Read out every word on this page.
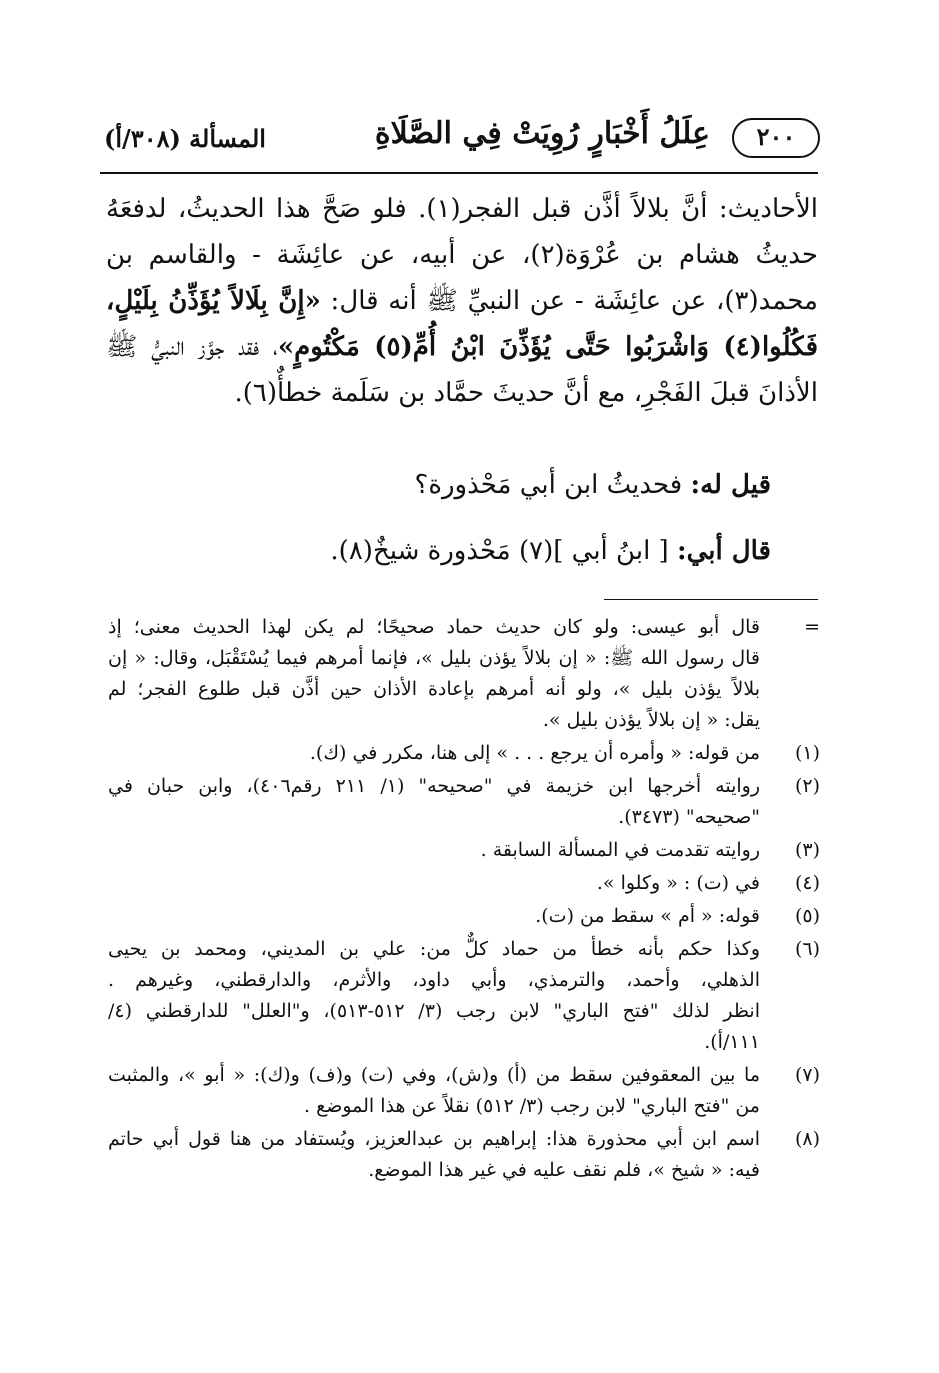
٢٠٠
عِلَلُ أَخْبَارٍ رُوِيَتْ فِي الصَّلَاةِ
المسألة (٣٠٨/أ)
الأحاديث: أنَّ بلالاً أذَّن قبل الفجر(١). فلو صَحَّ هذا الحديثُ، لدفعَهُ
حديثُ هشام بن عُرْوَة(٢)، عن أبيه، عن عائِشَة - والقاسم بن
محمد(٣)، عن عائِشَة - عن النبيِّ ﷺ أنه قال: «إِنَّ بِلَالاً يُؤَذِّنُ بِلَيْلٍ،
فَكُلُوا(٤) وَاشْرَبُوا حَتَّى يُؤَذِّنَ ابْنُ أُمِّ(٥) مَكْتُومٍ»، فقد جوَّز النبيُّ ﷺ
الأذانَ قبلَ الفَجْرِ، مع أنَّ حديثَ حمَّاد بن سَلَمة خطأٌ(٦).
قيل له: فحديثُ ابن أبي مَحْذورة؟
قال أبي: [ ابنُ أبي ](٧) مَحْذورة شيخٌ(٨).
=
قال أبو عيسى: ولو كان حديث حماد صحيحًا؛ لم يكن لهذا الحديث معنى؛ إذ
قال رسول الله ﷺ: « إن بلالاً يؤذن بليل »، فإنما أمرهم فيما يُسْتَقْبَل، وقال: « إن
بلالاً يؤذن بليل »، ولو أنه أمرهم بإعادة الأذان حين أذَّن قبل طلوع الفجر؛ لم
يقل: « إن بلالاً يؤذن بليل ».
(١)
من قوله: « وأمره أن يرجع . . . » إلى هنا، مكرر في (ك).
(٢)
روايته أخرجها ابن خزيمة في "صحيحه" (١/ ٢١١ رقم٤٠٦)، وابن حبان في
"صحيحه" (٣٤٧٣).
(٣)
روايته تقدمت في المسألة السابقة .
(٤)
في (ت) : « وكلوا ».
(٥)
قوله: « أم » سقط من (ت).
(٦)
وكذا حكم بأنه خطأ من حماد كلٌّ من: علي بن المديني، ومحمد بن يحيى
الذهلي، وأحمد، والترمذي، وأبي داود، والأثرم، والدارقطني، وغيرهم .
انظر لذلك "فتح الباري" لابن رجب (٣/ ٥١٢-٥١٣)، و"العلل" للدارقطني (٤/
١١١/أ).
(٧)
ما بين المعقوفين سقط من (أ) و(ش)، وفي (ت) و(ف) و(ك): « أبو »، والمثبت
من "فتح الباري" لابن رجب (٣/ ٥١٢) نقلاً عن هذا الموضع .
(٨)
اسم ابن أبي محذورة هذا: إبراهيم بن عبدالعزيز، ويُستفاد من هنا قول أبي حاتم
فيه: « شيخ »، فلم نقف عليه في غير هذا الموضع.
